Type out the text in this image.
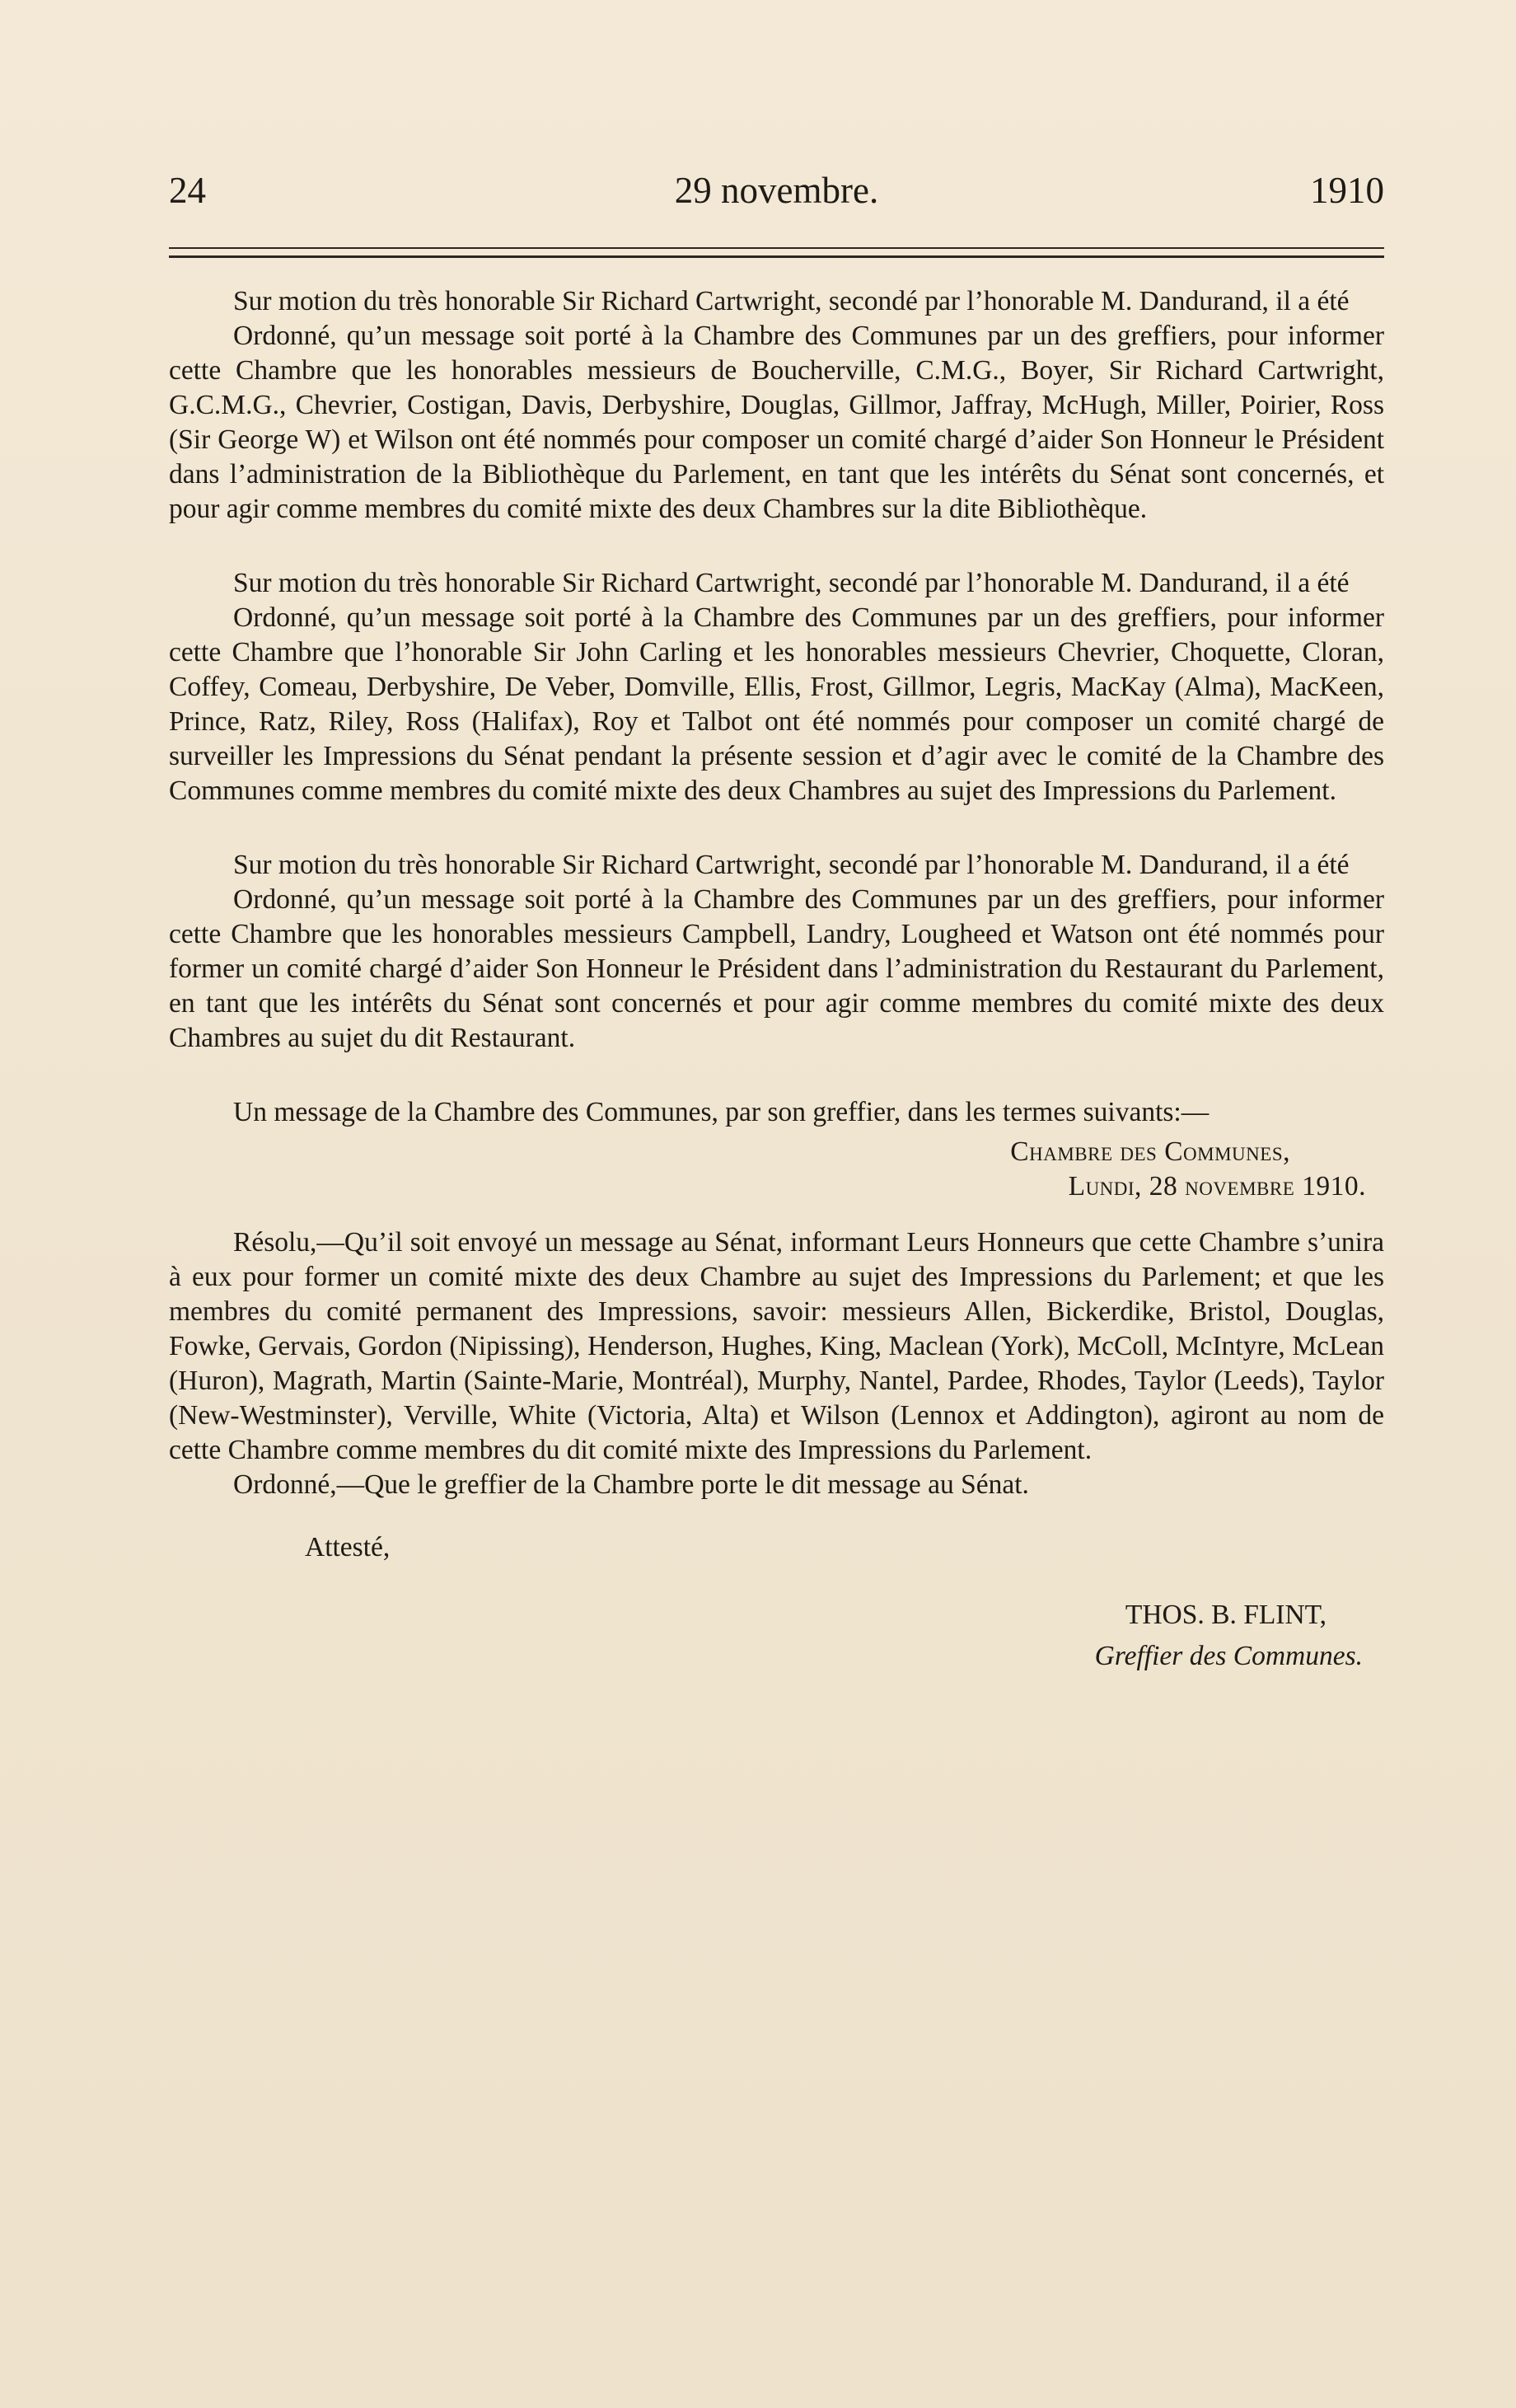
24	29 novembre.	1910

Sur motion du très honorable Sir Richard Cartwright, secondé par l’honorable M. Dandurand, il a été

Ordonné, qu’un message soit porté à la Chambre des Communes par un des greffiers, pour informer cette Chambre que les honorables messieurs de Boucherville, C.M.G., Boyer, Sir Richard Cartwright, G.C.M.G., Chevrier, Costigan, Davis, Derbyshire, Douglas, Gillmor, Jaffray, McHugh, Miller, Poirier, Ross (Sir George W) et Wilson ont été nommés pour composer un comité chargé d’aider Son Honneur le Président dans l’administration de la Bibliothèque du Parlement, en tant que les intérêts du Sénat sont concernés, et pour agir comme membres du comité mixte des deux Chambres sur la dite Bibliothèque.

Sur motion du très honorable Sir Richard Cartwright, secondé par l’honorable M. Dandurand, il a été

Ordonné, qu’un message soit porté à la Chambre des Communes par un des greffiers, pour informer cette Chambre que l’honorable Sir John Carling et les honorables messieurs Chevrier, Choquette, Cloran, Coffey, Comeau, Derbyshire, De Veber, Domville, Ellis, Frost, Gillmor, Legris, MacKay (Alma), MacKeen, Prince, Ratz, Riley, Ross (Halifax), Roy et Talbot ont été nommés pour composer un comité chargé de surveiller les Impressions du Sénat pendant la présente session et d’agir avec le comité de la Chambre des Communes comme membres du comité mixte des deux Chambres au sujet des Impressions du Parlement.

Sur motion du très honorable Sir Richard Cartwright, secondé par l’honorable M. Dandurand, il a été

Ordonné, qu’un message soit porté à la Chambre des Communes par un des greffiers, pour informer cette Chambre que les honorables messieurs Campbell, Landry, Lougheed et Watson ont été nommés pour former un comité chargé d’aider Son Honneur le Président dans l’administration du Restaurant du Parlement, en tant que les intérêts du Sénat sont concernés et pour agir comme membres du comité mixte des deux Chambres au sujet du dit Restaurant.

Un message de la Chambre des Communes, par son greffier, dans les termes suivants:—

Chambre des Communes,
Lundi, 28 novembre 1910.

Résolu,—Qu’il soit envoyé un message au Sénat, informant Leurs Honneurs que cette Chambre s’unira à eux pour former un comité mixte des deux Chambre au sujet des Impressions du Parlement; et que les membres du comité permanent des Impressions, savoir: messieurs Allen, Bickerdike, Bristol, Douglas, Fowke, Gervais, Gordon (Nipissing), Henderson, Hughes, King, Maclean (York), McColl, McIntyre, McLean (Huron), Magrath, Martin (Sainte-Marie, Montréal), Murphy, Nantel, Pardee, Rhodes, Taylor (Leeds), Taylor (New-Westminster), Verville, White (Victoria, Alta) et Wilson (Lennox et Addington), agiront au nom de cette Chambre comme membres du dit comité mixte des Impressions du Parlement.

Ordonné,—Que le greffier de la Chambre porte le dit message au Sénat.

Attesté,
THOS. B. FLINT,
Greffier des Communes.
